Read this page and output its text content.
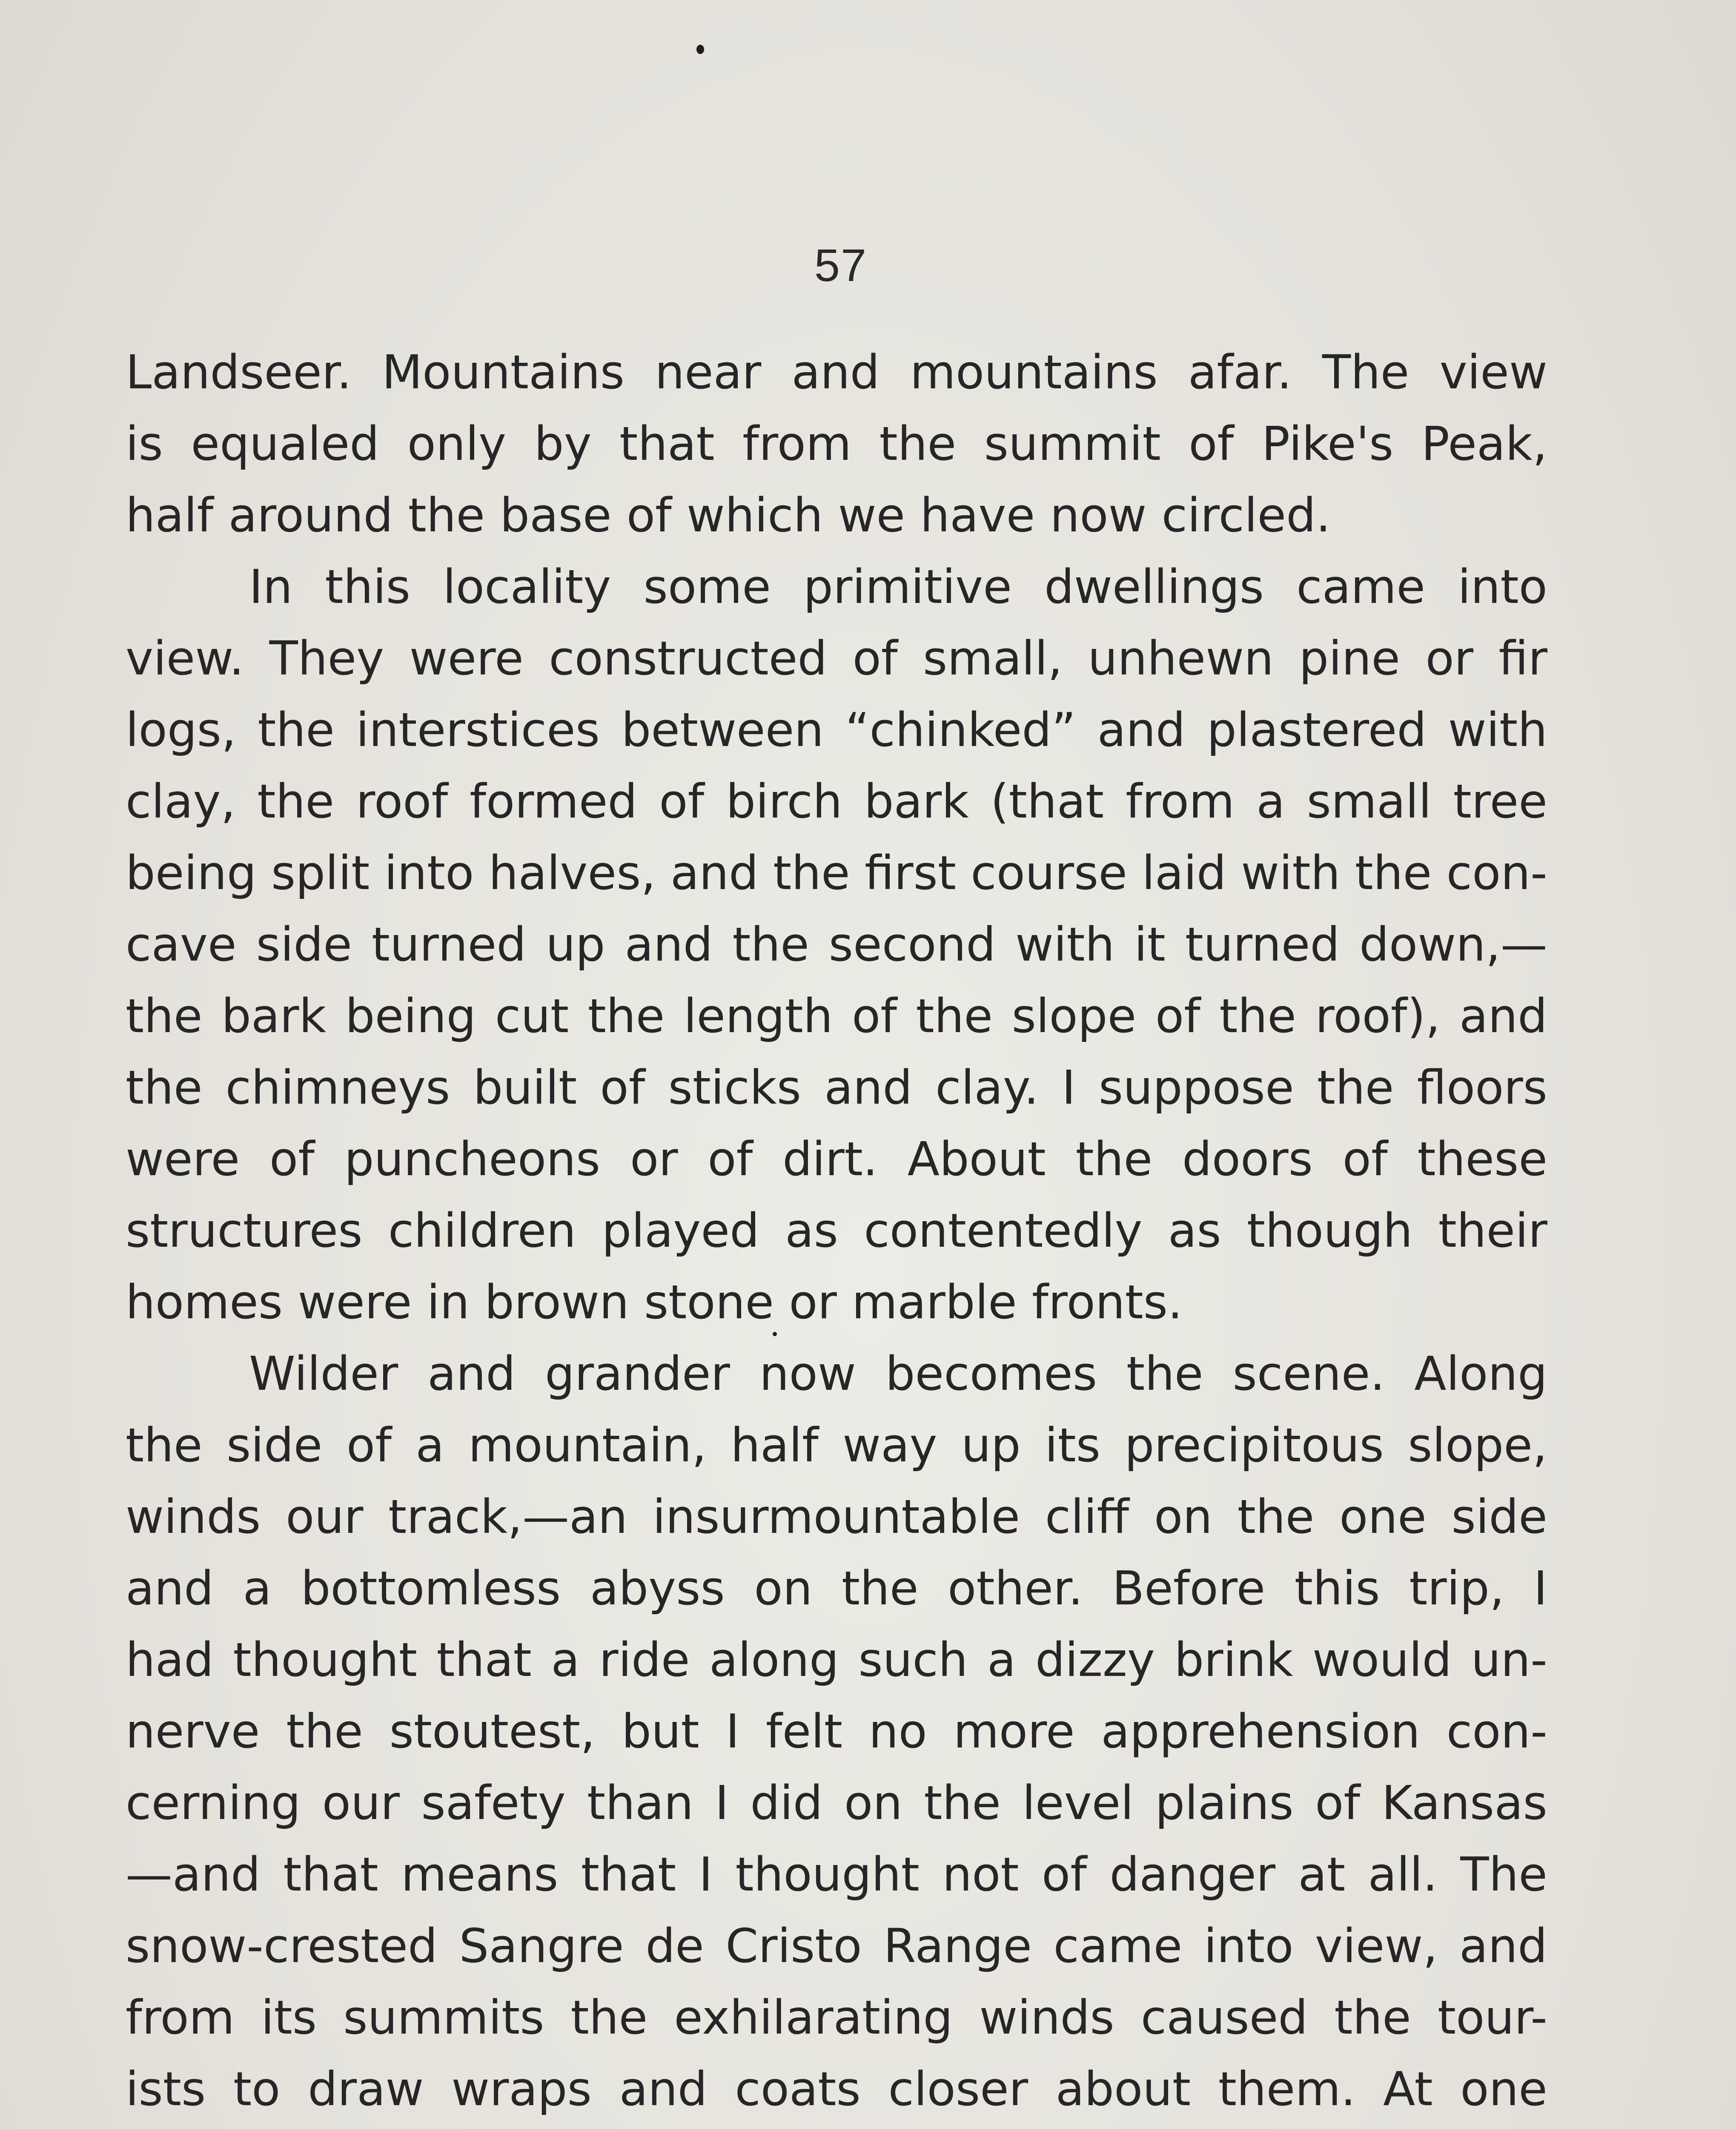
57
Landseer. Mountains near and mountains afar. The view
is equaled only by that from the summit of Pike's Peak,
half around the base of which we have now circled.
In this locality some primitive dwellings came into
view. They were constructed of small, unhewn pine or fir
logs, the interstices between “chinked” and plastered with
clay, the roof formed of birch bark (that from a small tree
being split into halves, and the first course laid with the con-
cave side turned up and the second with it turned down,—
the bark being cut the length of the slope of the roof), and
the chimneys built of sticks and clay. I suppose the floors
were of puncheons or of dirt. About the doors of these
structures children played as contentedly as though their
homes were in brown stone or marble fronts.
Wilder and grander now becomes the scene. Along
the side of a mountain, half way up its precipitous slope,
winds our track,—an insurmountable cliff on the one side
and a bottomless abyss on the other. Before this trip, I
had thought that a ride along such a dizzy brink would un-
nerve the stoutest, but I felt no more apprehension con-
cerning our safety than I did on the level plains of Kansas
—and that means that I thought not of danger at all. The
snow-crested Sangre de Cristo Range came into view, and
from its summits the exhilarating winds caused the tour-
ists to draw wraps and coats closer about them. At one
